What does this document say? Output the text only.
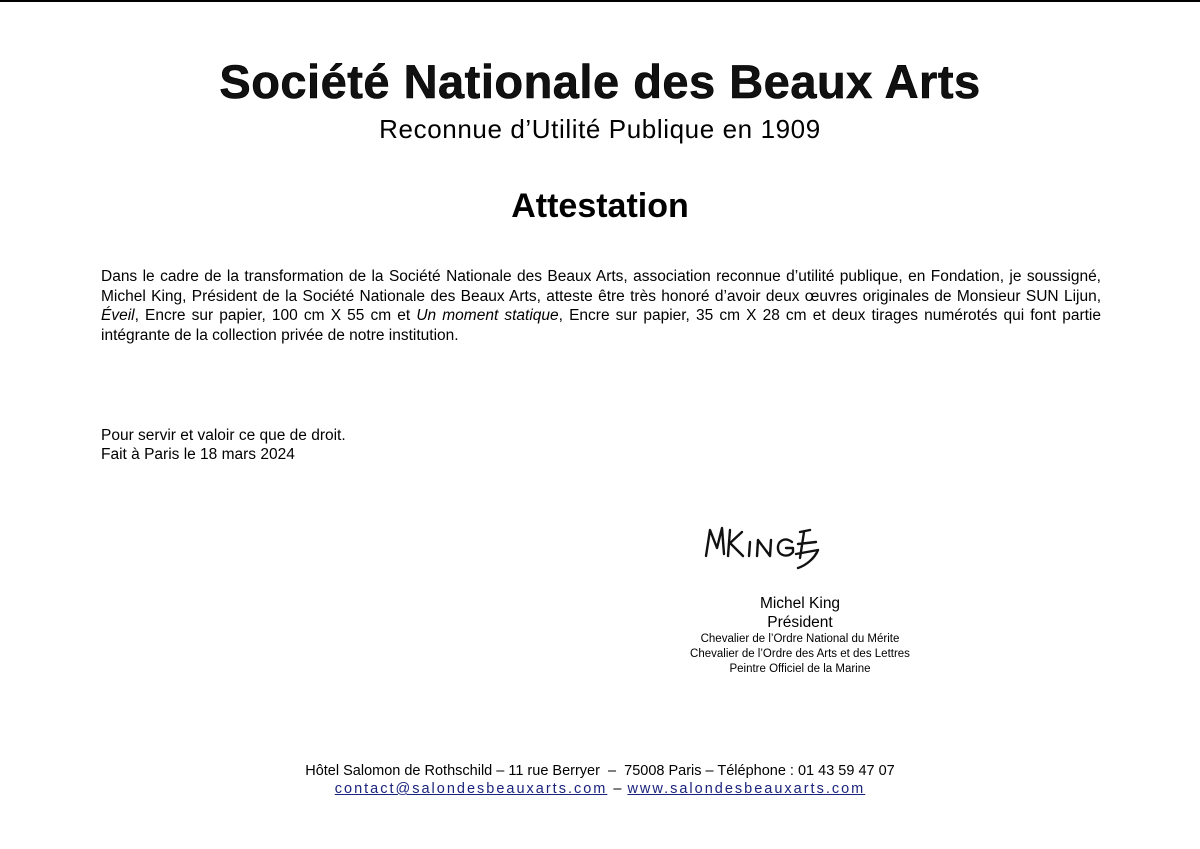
Société Nationale des Beaux Arts
Reconnue d’Utilité Publique en 1909
Attestation
Dans le cadre de la transformation de la Société Nationale des Beaux Arts, association reconnue d’utilité publique, en Fondation, je soussigné, Michel King, Président de la Société Nationale des Beaux Arts, atteste être très honoré d’avoir deux œuvres originales de Monsieur SUN Lijun, Éveil, Encre sur papier, 100 cm X 55 cm et Un moment statique, Encre sur papier, 35 cm X 28 cm et deux tirages numérotés qui font partie intégrante de la collection privée de notre institution.
Pour servir et valoir ce que de droit.
Fait à Paris le 18 mars 2024
Michel King
Président
Chevalier de l’Ordre National du Mérite
Chevalier de l’Ordre des Arts et des Lettres
Peintre Officiel de la Marine
Hôtel Salomon de Rothschild – 11 rue Berryer  –  75008 Paris – Téléphone : 01 43 59 47 07
contact@salondesbeauxarts.com – www.salondesbeauxarts.com
